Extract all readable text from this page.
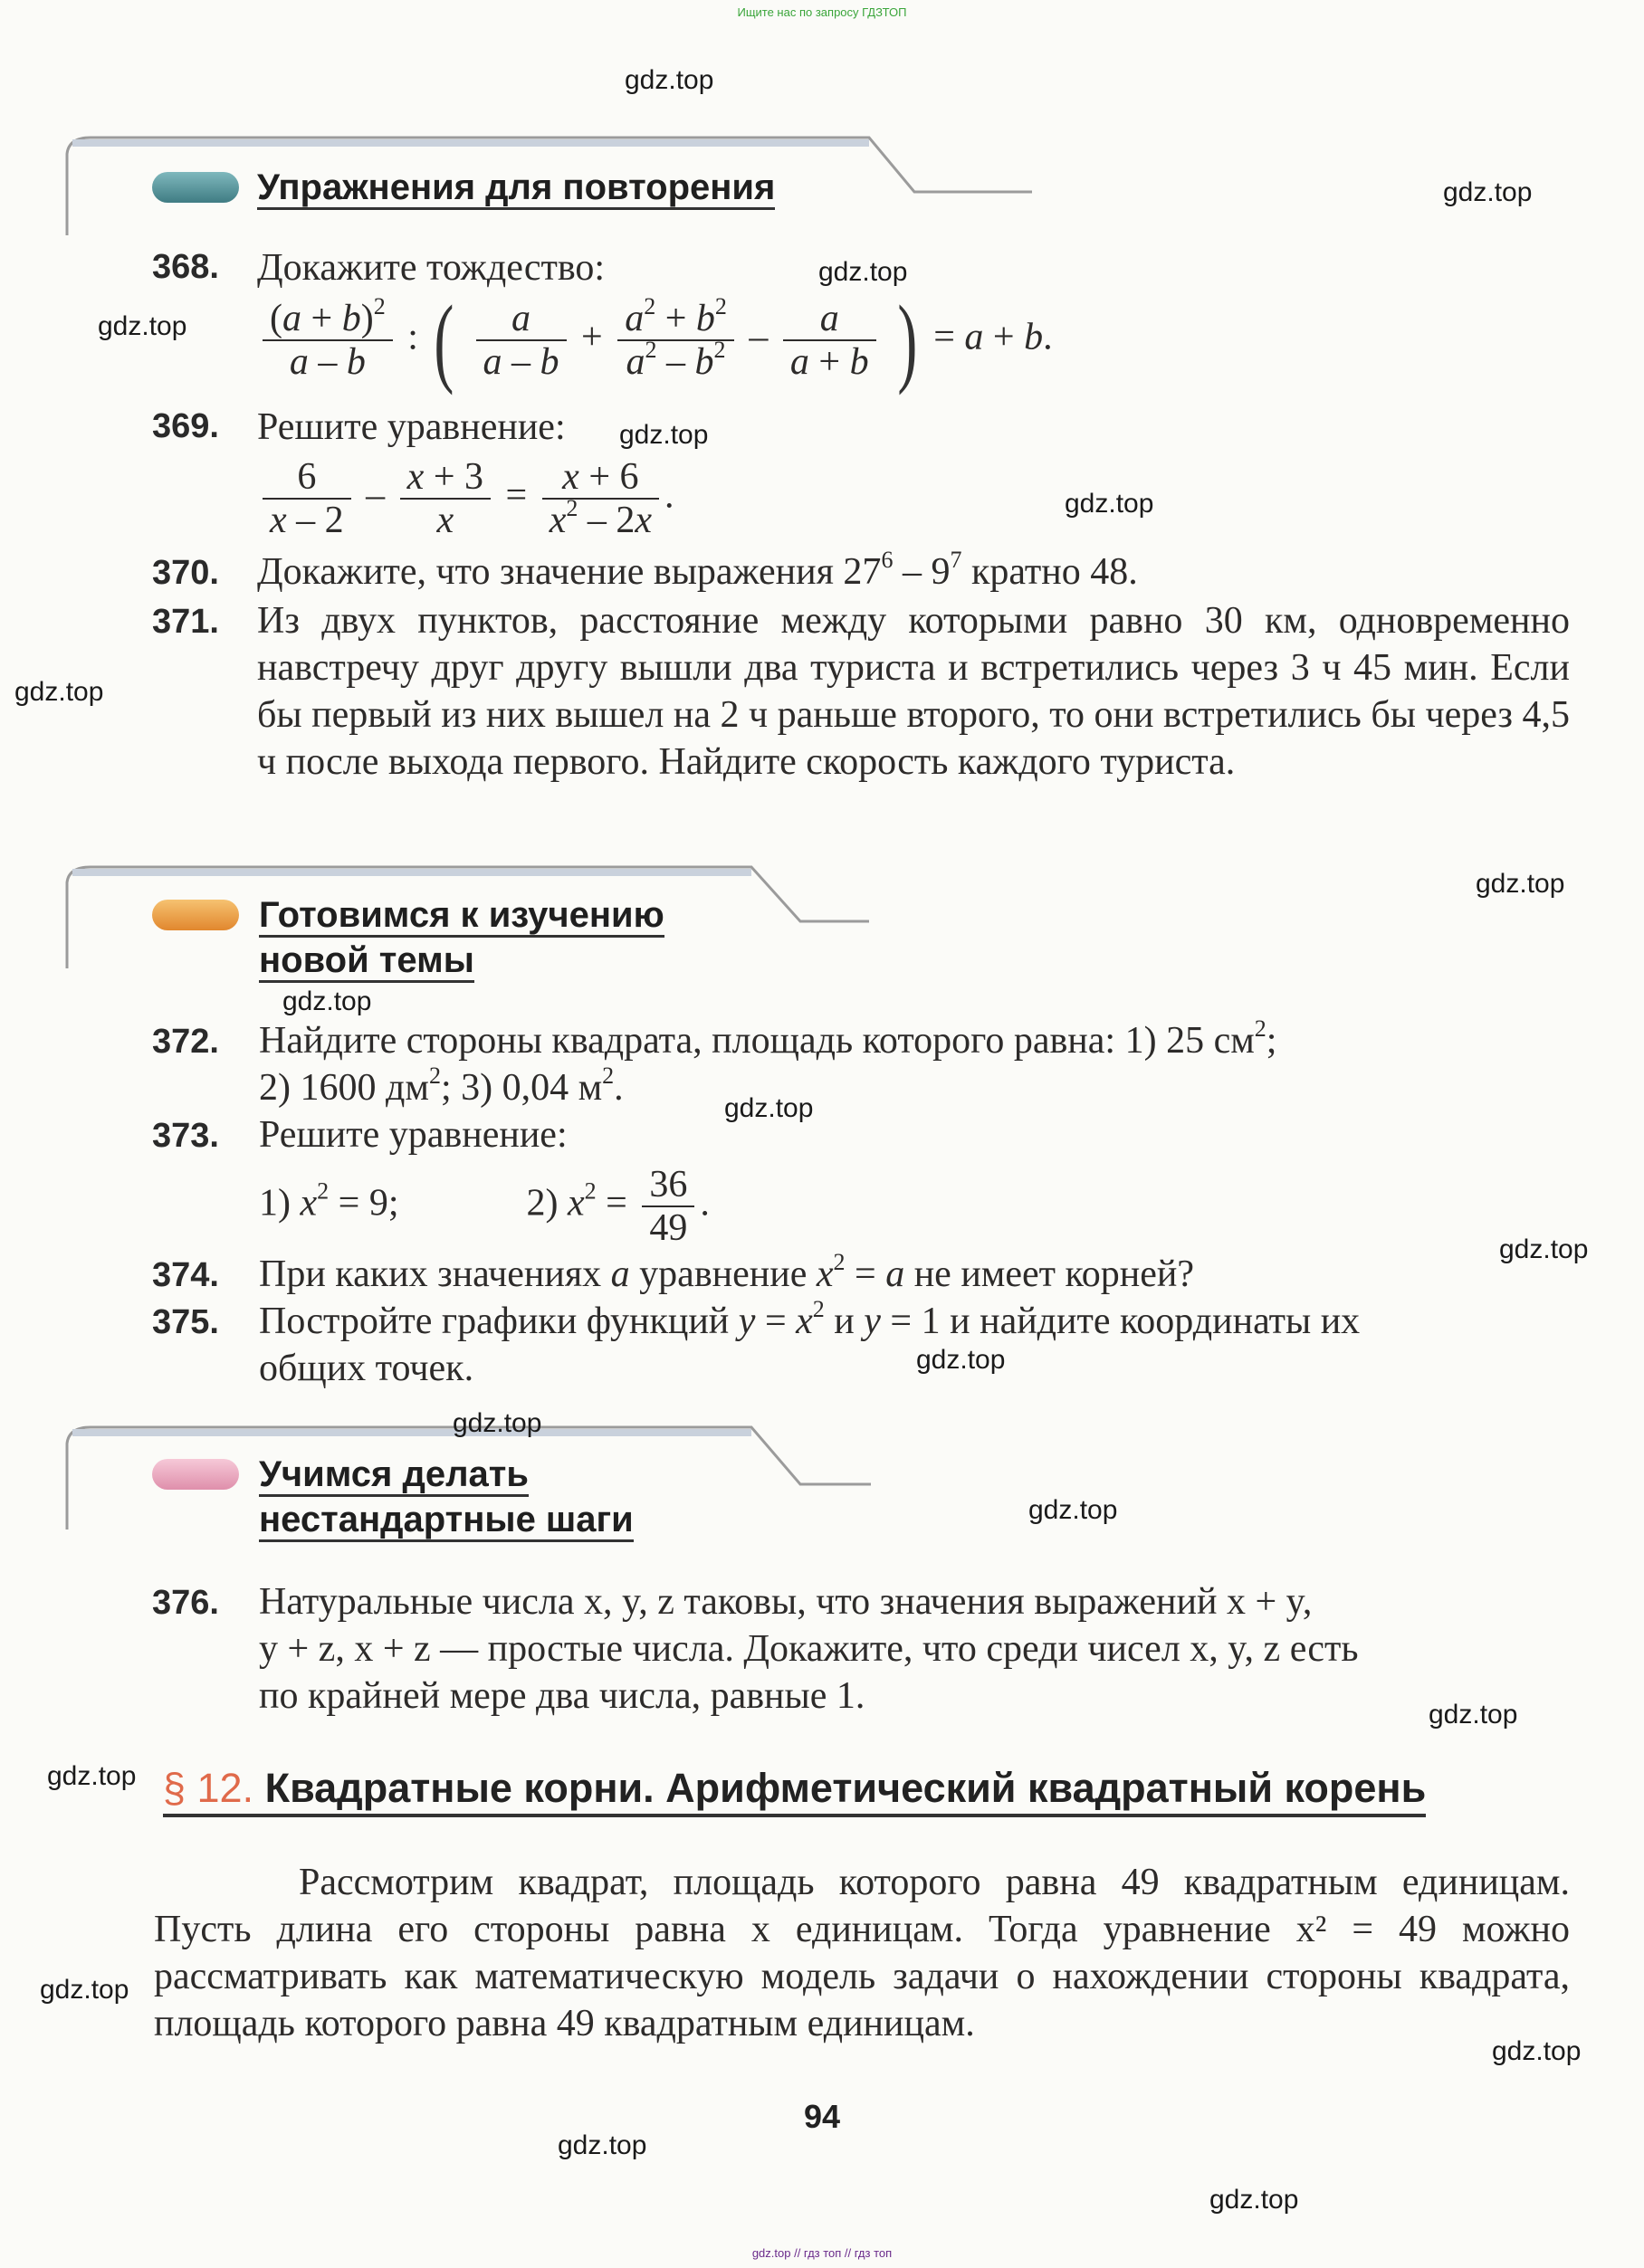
Ищите нас по запросу ГДЗТОП
gdz.top // гдз топ // гдз топ
Упражнения для повторения
368. Докажите тождество:
$\frac{(a + b)^2}{a - b}$ : ( $\frac{a}{a - b} + \frac{a^2 + b^2}{a^2 - b^2} - \frac{a}{a + b}$ ) = a + b.
369. Решите уравнение:
$\frac{6}{x - 2} - \frac{x + 3}{x} = \frac{x + 6}{x^2 - 2x}$ .
370. Докажите, что значение выражения $27^6 - 9^7$ кратно 48.
371. Из двух пунктов, расстояние между которыми равно 30 км, одновременно навстречу друг другу вышли два туриста и встретились через 3 ч 45 мин. Если бы первый из них вышел на 2 ч раньше второго, то они встретились бы через 4,5 ч после выхода первого. Найдите скорость каждого туриста.
Готовимся к изучению
новой темы
372. Найдите стороны квадрата, площадь которого равна: 1) 25 $см^2$;
2) 1600 $дм^2$; 3) 0,04 $м^2$.
373. Решите уравнение:
1) $x^2 = 9$;	2) $x^2 = \frac{36}{49}$ .
374. При каких значениях a уравнение $x^2 = a$ не имеет корней?
375. Постройте графики функций $y = x^2$ и y = 1 и найдите координаты их
общих точек.
Учимся делать
нестандартные шаги
376. Натуральные числа x, y, z таковы, что значения выражений x + y,
y + z, x + z — простые числа. Докажите, что среди чисел x, y, z есть
по крайней мере два числа, равные 1.
§ 12. Квадратные корни. Арифметический квадратный корень
Рассмотрим квадрат, площадь которого равна 49 квадратным единицам. Пусть длина его стороны равна x единицам. Тогда уравнение x² = 49 можно рассматривать как математическую модель задачи о нахождении стороны квадрата, площадь которого равна 49 квадратным единицам.
94
gdz.top
gdz.top
gdz.top
gdz.top
gdz.top
gdz.top
gdz.top
gdz.top
gdz.top
gdz.top
gdz.top
gdz.top
gdz.top
gdz.top
gdz.top
gdz.top
gdz.top
gdz.top
gdz.top
gdz.top
